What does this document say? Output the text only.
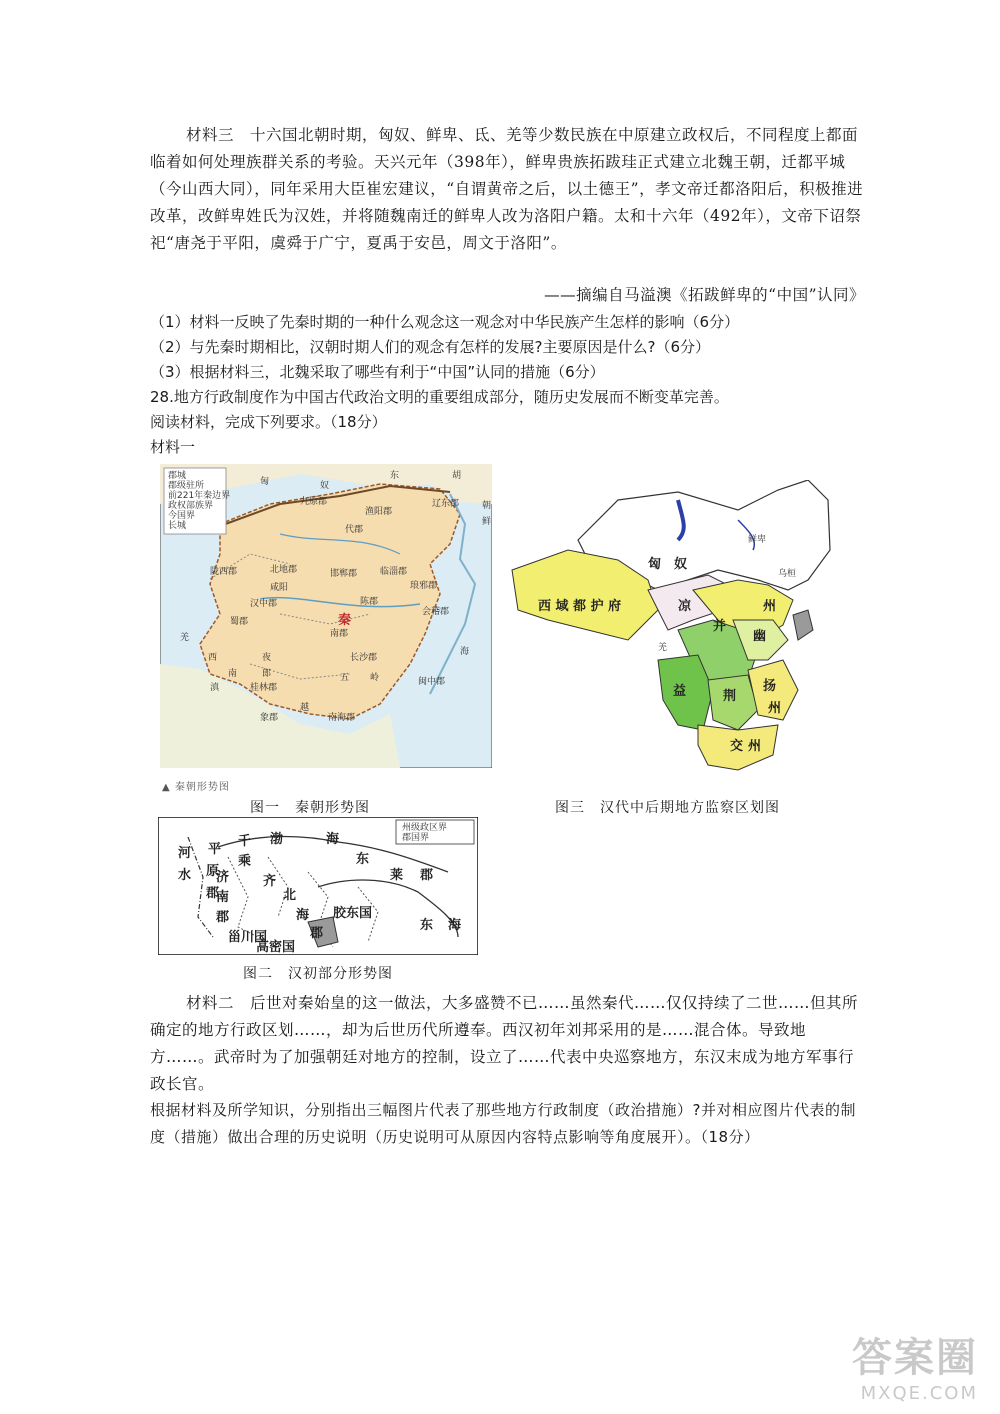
材料三　十六国北朝时期，匈奴、鲜卑、氐、羌等少数民族在中原建立政权后，不同程度上都面临着如何处理族群关系的考验。天兴元年（398年），鲜卑贵族拓跋珪正式建立北魏王朝，迁都平城（今山西大同），同年采用大臣崔宏建议，“自谓黄帝之后，以土德王”，孝文帝迁都洛阳后，积极推进改革，改鲜卑姓氏为汉姓，并将随魏南迁的鲜卑人改为洛阳户籍。太和十六年（492年），文帝下诏祭祀“唐尧于平阳，虞舜于广宁，夏禹于安邑，周文于洛阳”。
——摘编自马溢澳《拓跋鲜卑的“中国”认同》
（1）材料一反映了先秦时期的一种什么观念这一观念对中华民族产生怎样的影响（6分）
（2）与先秦时期相比，汉朝时期人们的观念有怎样的发展?主要原因是什么?（6分）
（3）根据材料三，北魏采取了哪些有利于“中国”认同的措施（6分）
28.地方行政制度作为中国古代政治文明的重要组成部分，随历史发展而不断变革完善。
阅读材料，完成下列要求。（18分）
材料一
郡城
郡级驻所
前221年秦边界
政权部族界
今国界
长城
匈	奴
东	胡
朝
鲜
九原郡
渔阳郡
辽东郡
代郡
临淄郡
陇西郡	北地郡
咸阳
邯郸郡
琅邪郡
汉中郡	陈郡
会稽郡
蜀郡
南郡
长沙郡
闽中郡
桂林郡
象郡	南海郡
五 岭
羌
西
南
夜
郎
滇
越
海
秦
▲ 秦朝形势图
图一　秦朝形势图
匈　奴
西 域 都 护 府
鲜卑
乌桓
凉	州
并
幽
益	荆
扬
交 州
州
羌
图三　汉代中后期地方监察区划图
州级政区界
郡国界
渤	海
河
水
平
原
郡
千
乘
济
南
郡
齐
北
海
郡
东
莱 郡
胶东国
甾川国
高密国
东 海
图二　汉初部分形势图
材料二　后世对秦始皇的这一做法，大多盛赞不已……虽然秦代……仅仅持续了二世……但其所确定的地方行政区划……，却为后世历代所遵奉。西汉初年刘邦采用的是……混合体。导致地方……。武帝时为了加强朝廷对地方的控制，设立了……代表中央巡察地方，东汉末成为地方军事行政长官。
根据材料及所学知识，分别指出三幅图片代表了那些地方行政制度（政治措施）?并对相应图片代表的制度（措施）做出合理的历史说明（历史说明可从原因内容特点影响等角度展开）。（18分）
答案圈
MXQE.COM
